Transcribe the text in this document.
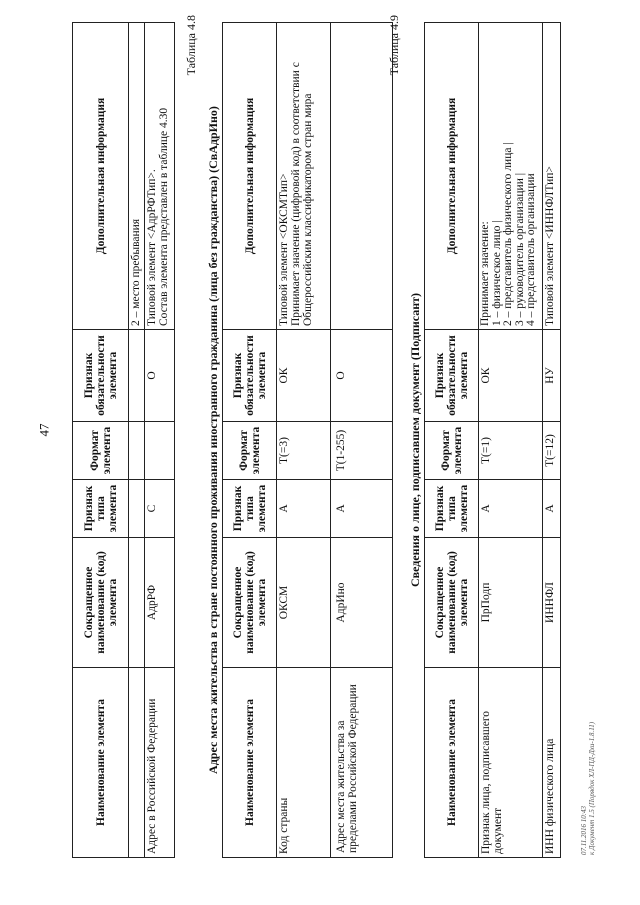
47
Наименование элемента	Сокращенное наименование (код) элемента	Признак типа элемента	Формат элемента	Признак обязательности элемента	Дополнительная информация
					2 – место пребывания
Адрес в Российской Федерации	АдрРФ	С		О	Типовой элемент <АдрРФТип>.
Состав элемента представлен в таблице 4.30
Таблица 4.8
Адрес места жительства в стране постоянного проживания иностранного гражданина (лица без гражданства) (СвАдрИно) Наименование элемента	Сокращенное наименование (код) элемента	Признак типа элемента	Формат элемента	Признак обязательности элемента	Дополнительная информация
Код страны	ОКСМ	А	Т(=3)	ОК	Типовой элемент <ОКСМТип>
Принимает значение (цифровой код) в соответствии с Общероссийским классификатором стран мира
Адрес места жительства за пределами Российской Федерации	АдрИно	А	Т(1-255)	О	
Таблица 4.9
Сведения о лице, подписавшем документ (Подписант)
Наименование элемента	Сокращенное наименование (код) элемента	Признак типа элемента	Формат элемента	Признак обязательности элемента	Дополнительная информация
Признак лица, подписавшего документ	ПрПодп	А	Т(=1)	ОК	Принимает значение:
1 – физическое лицо |
2 – представитель физического лица |
3 – руководитель организации |
4 – представитель организации
ИНН физического лица	ИННФЛ	А	Т(=12)	НУ	Типовой элемент <ИННФЛТип>
07.11.2016 10:43 к Документ 1.5 (Порядок ХЛ-ПД-Дхи-1.8.11)
